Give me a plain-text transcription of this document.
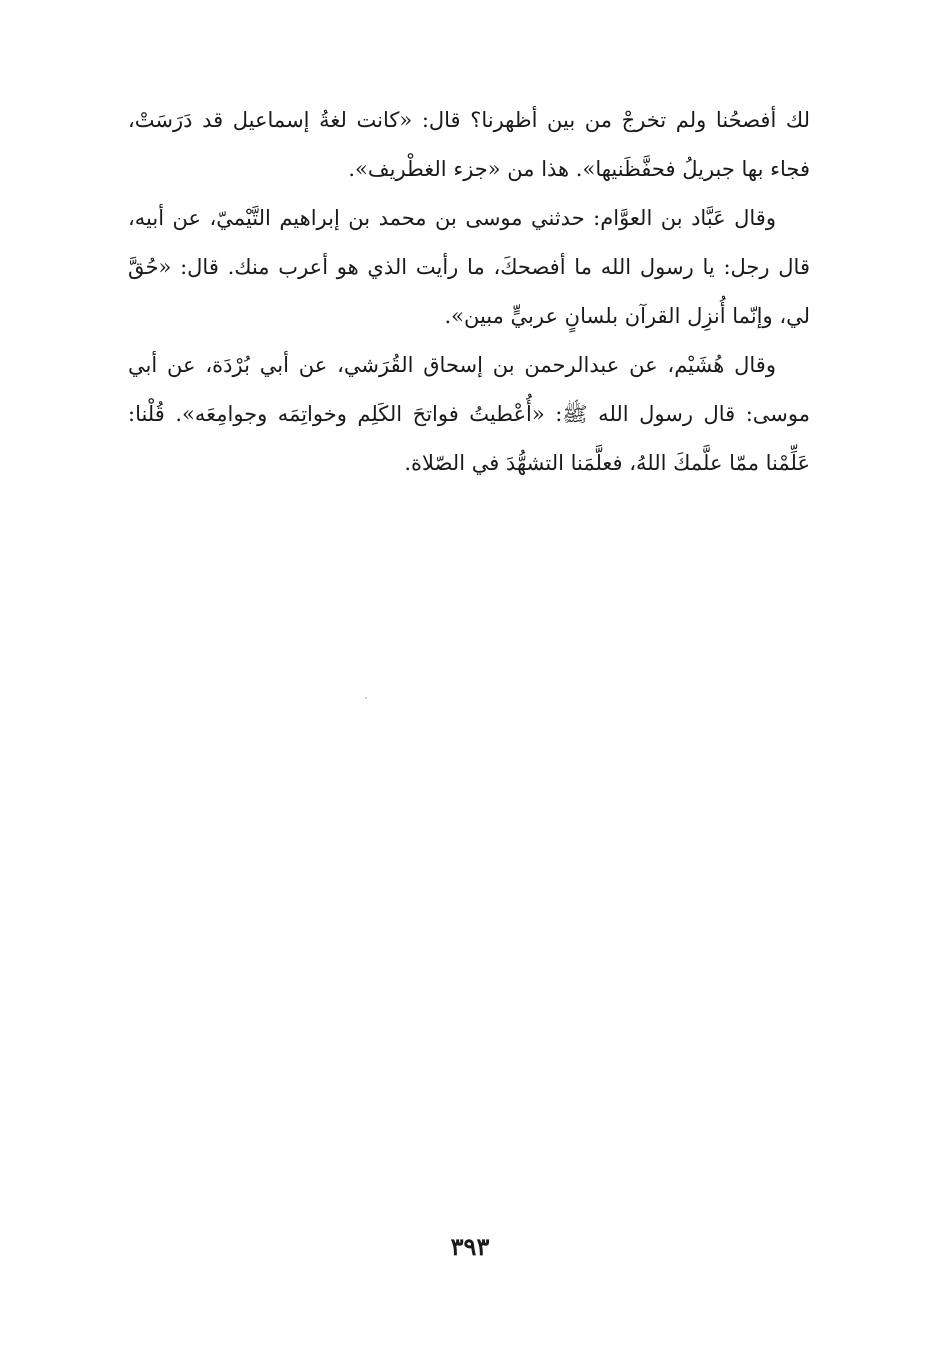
لك أفصحُنا ولم تخرجْ من بين أظهرنا؟ قال: «كانت لغةُ إسماعيل قد دَرَسَتْ، فجاء بها جبريلُ فحفَّظَنيها». هذا من «جزء الغطْريف».

وقال عَبَّاد بن العوَّام: حدثني موسى بن محمد بن إبراهيم التَّيْميّ، عن أبيه، قال رجل: يا رسول الله ما أفصحكَ، ما رأيت الذي هو أعرب منك. قال: «حُقَّ لي، وإنّما أُنزِل القرآن بلسانٍ عربيٍّ مبين».

وقال هُشَيْم، عن عبدالرحمن بن إسحاق القُرَشي، عن أبي بُرْدَة، عن أبي موسى: قال رسول الله ﷺ: «أُعْطيتُ فواتحَ الكَلِم وخواتِمَه وجوامِعَه». قُلْنا: عَلِّمْنا ممّا علَّمكَ اللهُ، فعلَّمَنا التشهُّدَ في الصّلاة.

٣٩٣
